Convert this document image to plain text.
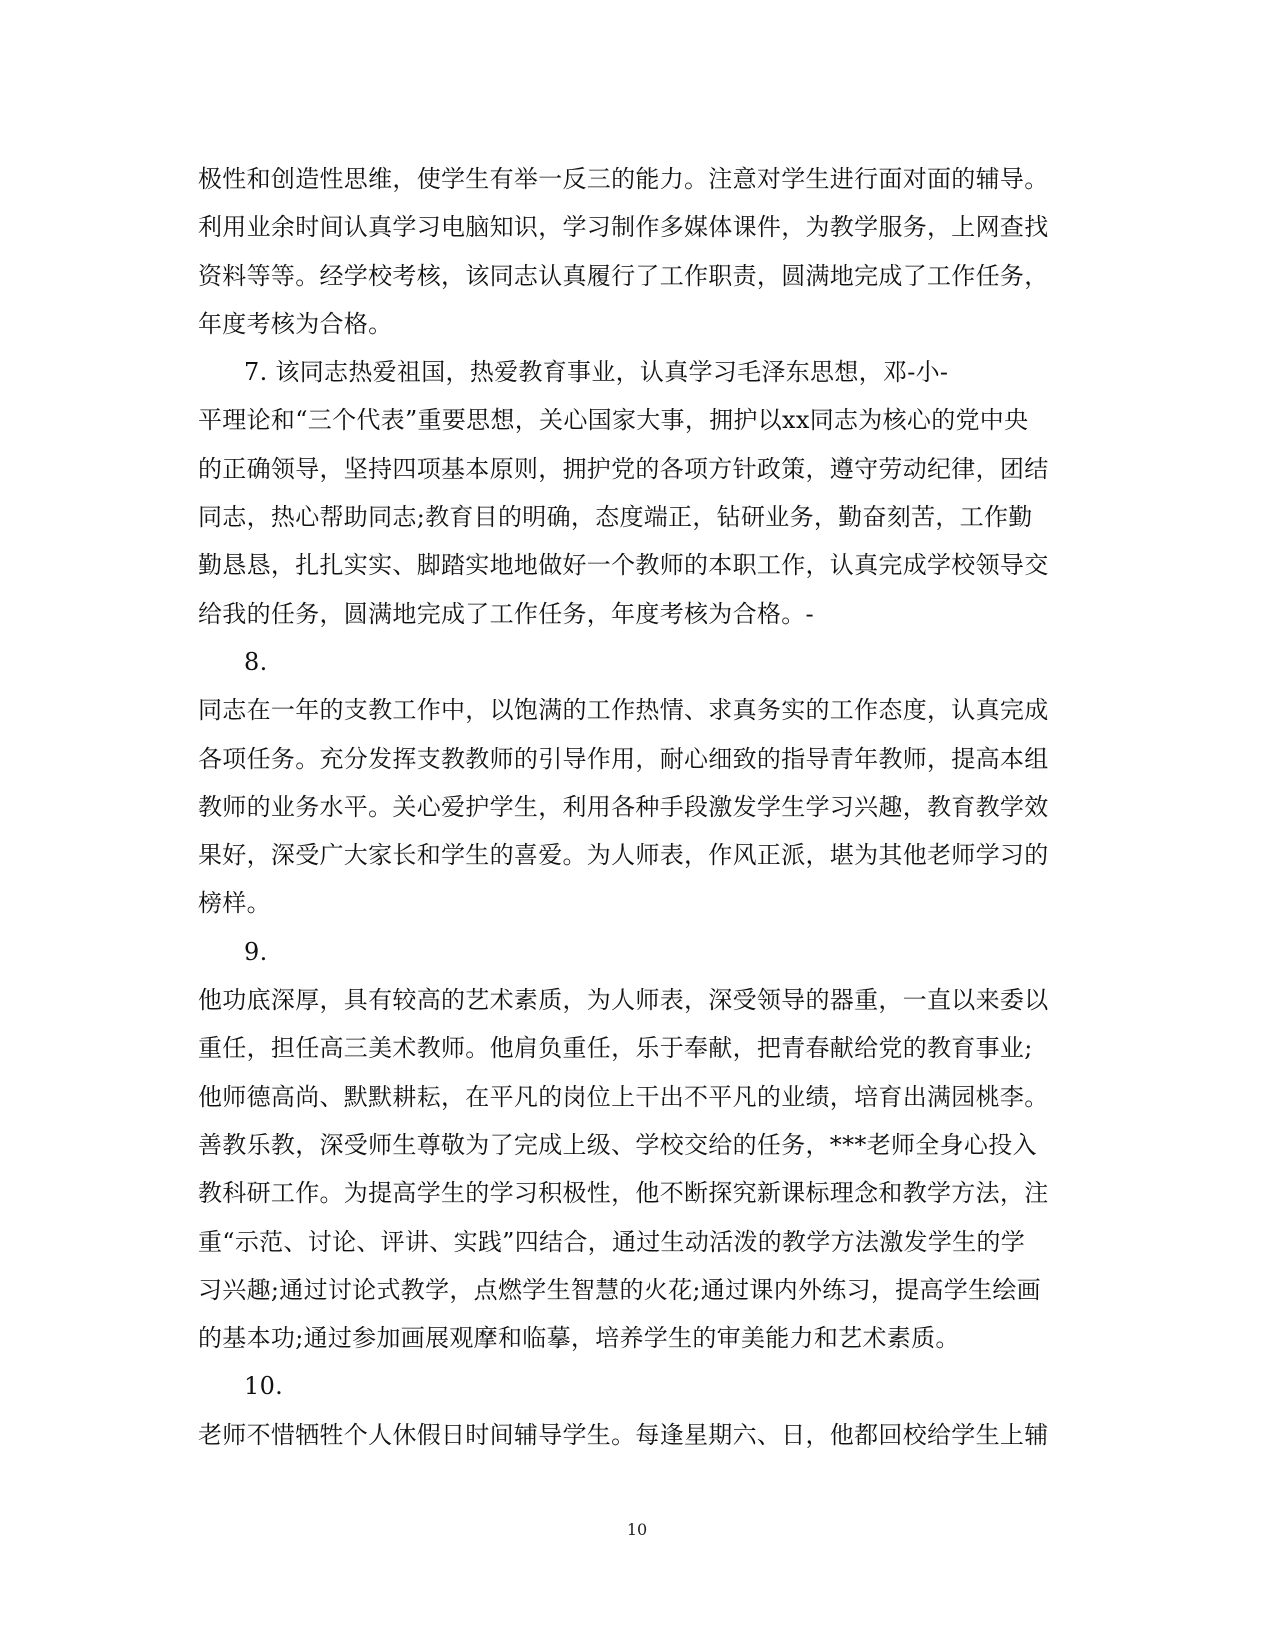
极性和创造性思维，使学生有举一反三的能力。注意对学生进行面对面的辅导。
利用业余时间认真学习电脑知识，学习制作多媒体课件，为教学服务，上网查找
资料等等。经学校考核，该同志认真履行了工作职责，圆满地完成了工作任务，
年度考核为合格。
7. 该同志热爱祖国，热爱教育事业，认真学习毛泽东思想，邓-小-
平理论和“三个代表”重要思想，关心国家大事，拥护以xx同志为核心的党中央
的正确领导，坚持四项基本原则，拥护党的各项方针政策，遵守劳动纪律，团结
同志，热心帮助同志;教育目的明确，态度端正，钻研业务，勤奋刻苦，工作勤
勤恳恳，扎扎实实、脚踏实地地做好一个教师的本职工作，认真完成学校领导交
给我的任务，圆满地完成了工作任务，年度考核为合格。-
8.
同志在一年的支教工作中，以饱满的工作热情、求真务实的工作态度，认真完成
各项任务。充分发挥支教教师的引导作用，耐心细致的指导青年教师，提高本组
教师的业务水平。关心爱护学生，利用各种手段激发学生学习兴趣，教育教学效
果好，深受广大家长和学生的喜爱。为人师表，作风正派，堪为其他老师学习的
榜样。
9.
他功底深厚，具有较高的艺术素质，为人师表，深受领导的器重，一直以来委以
重任，担任高三美术教师。他肩负重任，乐于奉献，把青春献给党的教育事业;
他师德高尚、默默耕耘，在平凡的岗位上干出不平凡的业绩，培育出满园桃李。
善教乐教，深受师生尊敬为了完成上级、学校交给的任务，***老师全身心投入
教科研工作。为提高学生的学习积极性，他不断探究新课标理念和教学方法，注
重“示范、讨论、评讲、实践”四结合，通过生动活泼的教学方法激发学生的学
习兴趣;通过讨论式教学，点燃学生智慧的火花;通过课内外练习，提高学生绘画
的基本功;通过参加画展观摩和临摹，培养学生的审美能力和艺术素质。
10.
老师不惜牺牲个人休假日时间辅导学生。每逢星期六、日，他都回校给学生上辅
10
